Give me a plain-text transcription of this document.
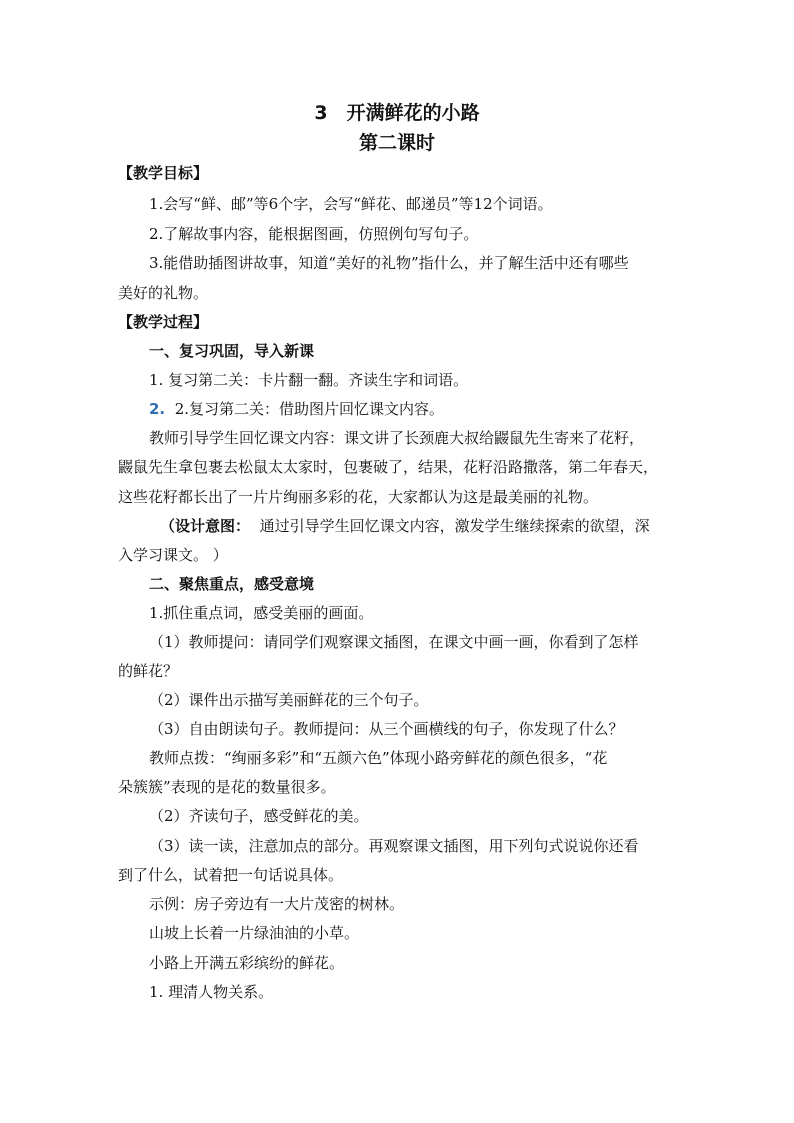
3　开满鲜花的小路
第二课时
【教学目标】
1.会写“鲜、邮”等6个字，会写“鲜花、邮递员”等12个词语。
2.了解故事内容，能根据图画，仿照例句写句子。
3.能借助插图讲故事，知道“美好的礼物”指什么，并了解生活中还有哪些
美好的礼物。
【教学过程】
一、复习巩固，导入新课
1. 复习第二关：卡片翻一翻。齐读生字和词语。
2. 2.复习第二关：借助图片回忆课文内容。
教师引导学生回忆课文内容：课文讲了长颈鹿大叔给鼹鼠先生寄来了花籽，
鼹鼠先生拿包裹去松鼠太太家时，包裹破了，结果，花籽沿路撒落，第二年春天，
这些花籽都长出了一片片绚丽多彩的花，大家都认为这是最美丽的礼物。
（设计意图： 通过引导学生回忆课文内容，激发学生继续探索的欲望，深
入学习课文。 ）
二、聚焦重点，感受意境
1.抓住重点词，感受美丽的画面。
（1）教师提问：请同学们观察课文插图，在课文中画一画，你看到了怎样
的鲜花？
（2）课件出示描写美丽鲜花的三个句子。
（3）自由朗读句子。教师提问：从三个画横线的句子，你发现了什么？
教师点拨：“绚丽多彩”和“五颜六色”体现小路旁鲜花的颜色很多，“花
朵簇簇”表现的是花的数量很多。
（2）齐读句子，感受鲜花的美。
（3）读一读，注意加点的部分。再观察课文插图，用下列句式说说你还看
到了什么，试着把一句话说具体。
示例：房子旁边有一大片茂密的树林。
山坡上长着一片绿油油的小草。
小路上开满五彩缤纷的鲜花。
1. 理清人物关系。
